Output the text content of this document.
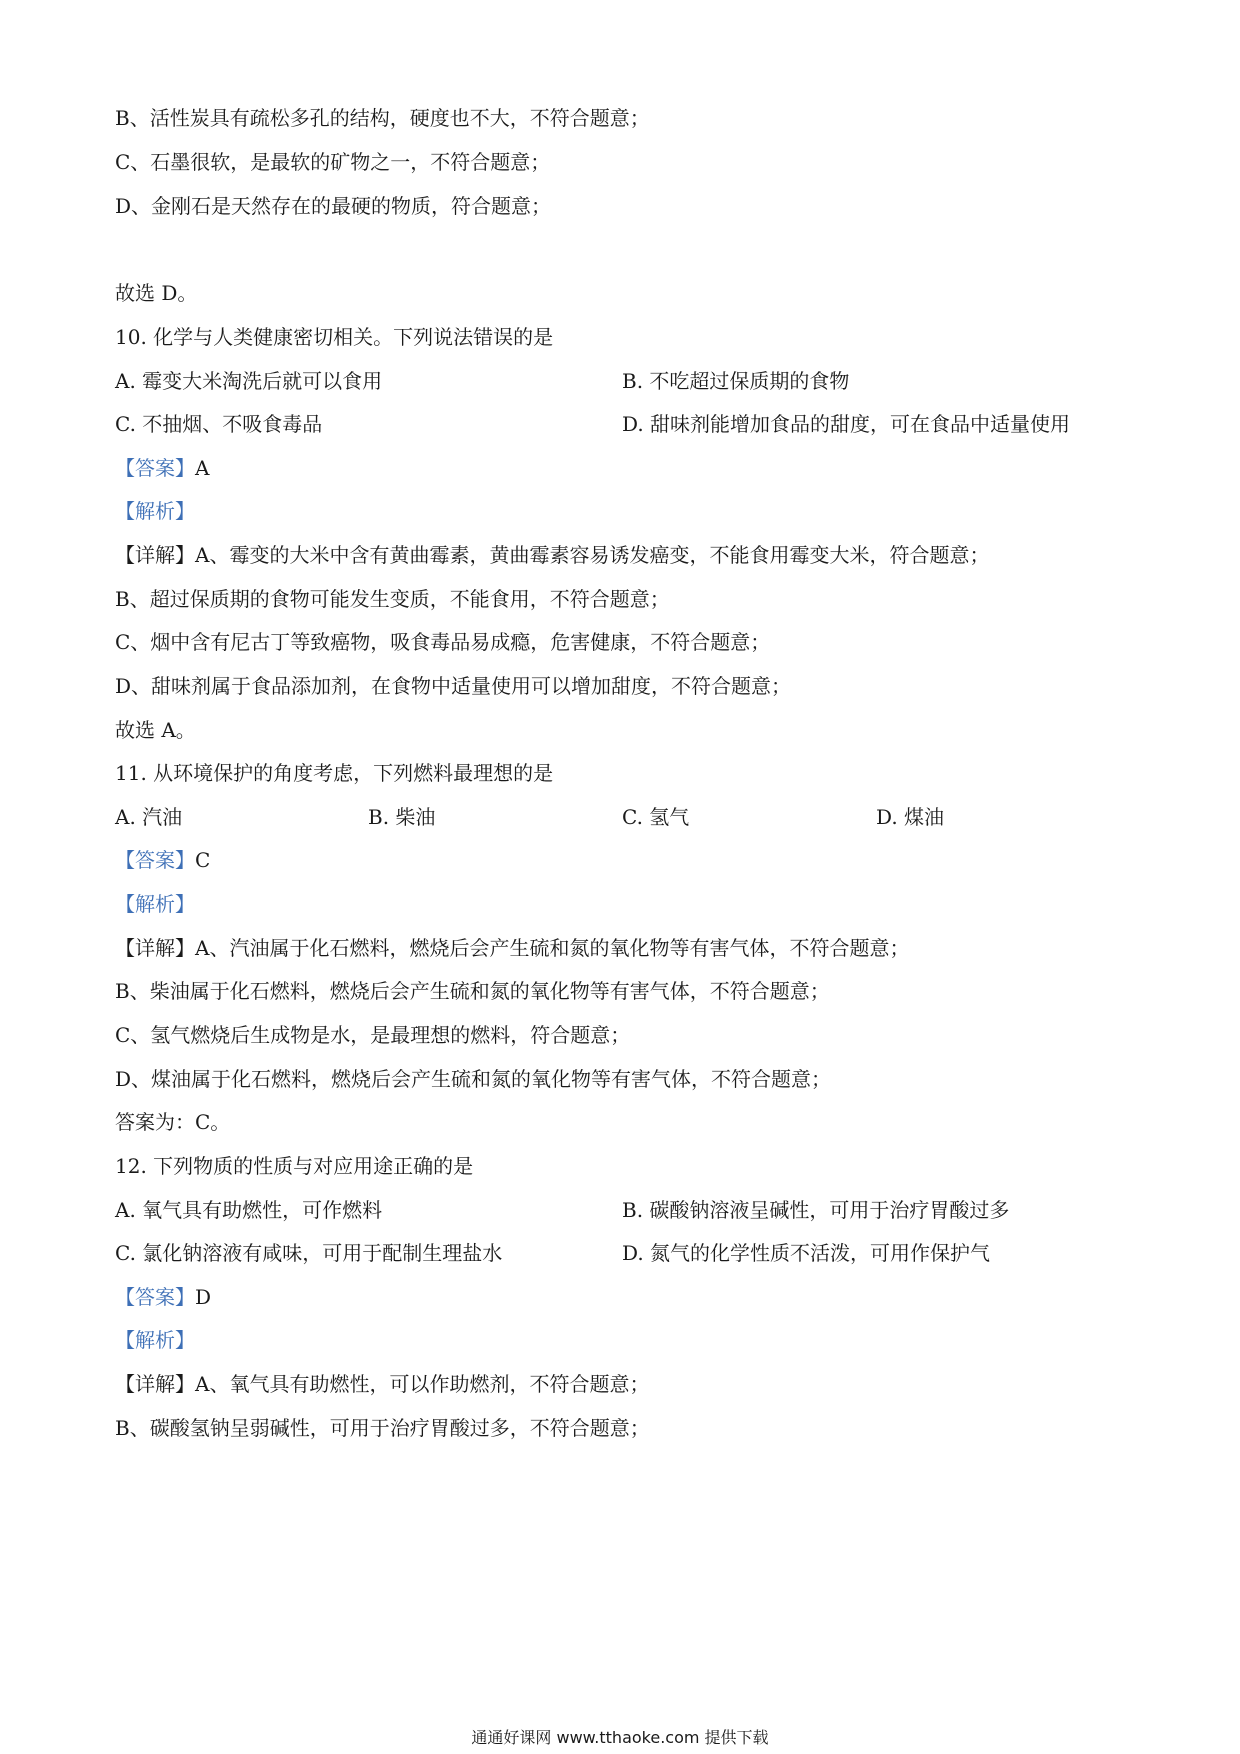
B、活性炭具有疏松多孔的结构，硬度也不大，不符合题意；
C、石墨很软，是最软的矿物之一，不符合题意；
D、金刚石是天然存在的最硬的物质，符合题意；
故选 D。
10. 化学与人类健康密切相关。下列说法错误的是
A. 霉变大米淘洗后就可以食用	B. 不吃超过保质期的食物
C. 不抽烟、不吸食毒品	D. 甜味剂能增加食品的甜度，可在食品中适量使用
【答案】A
【解析】
【详解】A、霉变的大米中含有黄曲霉素，黄曲霉素容易诱发癌变，不能食用霉变大米，符合题意；
B、超过保质期的食物可能发生变质，不能食用，不符合题意；
C、烟中含有尼古丁等致癌物，吸食毒品易成瘾，危害健康，不符合题意；
D、甜味剂属于食品添加剂，在食物中适量使用可以增加甜度，不符合题意；
故选 A。
11. 从环境保护的角度考虑，下列燃料最理想的是
A. 汽油	B. 柴油	C. 氢气	D. 煤油
【答案】C
【解析】
【详解】A、汽油属于化石燃料，燃烧后会产生硫和氮的氧化物等有害气体，不符合题意；
B、柴油属于化石燃料，燃烧后会产生硫和氮的氧化物等有害气体，不符合题意；
C、氢气燃烧后生成物是水，是最理想的燃料，符合题意；
D、煤油属于化石燃料，燃烧后会产生硫和氮的氧化物等有害气体，不符合题意；
答案为：C。
12. 下列物质的性质与对应用途正确的是
A. 氧气具有助燃性，可作燃料	B. 碳酸钠溶液呈碱性，可用于治疗胃酸过多
C. 氯化钠溶液有咸味，可用于配制生理盐水	D. 氮气的化学性质不活泼，可用作保护气
【答案】D
【解析】
【详解】A、氧气具有助燃性，可以作助燃剂，不符合题意；
B、碳酸氢钠呈弱碱性，可用于治疗胃酸过多，不符合题意；
通通好课网 www.tthaoke.com 提供下载
